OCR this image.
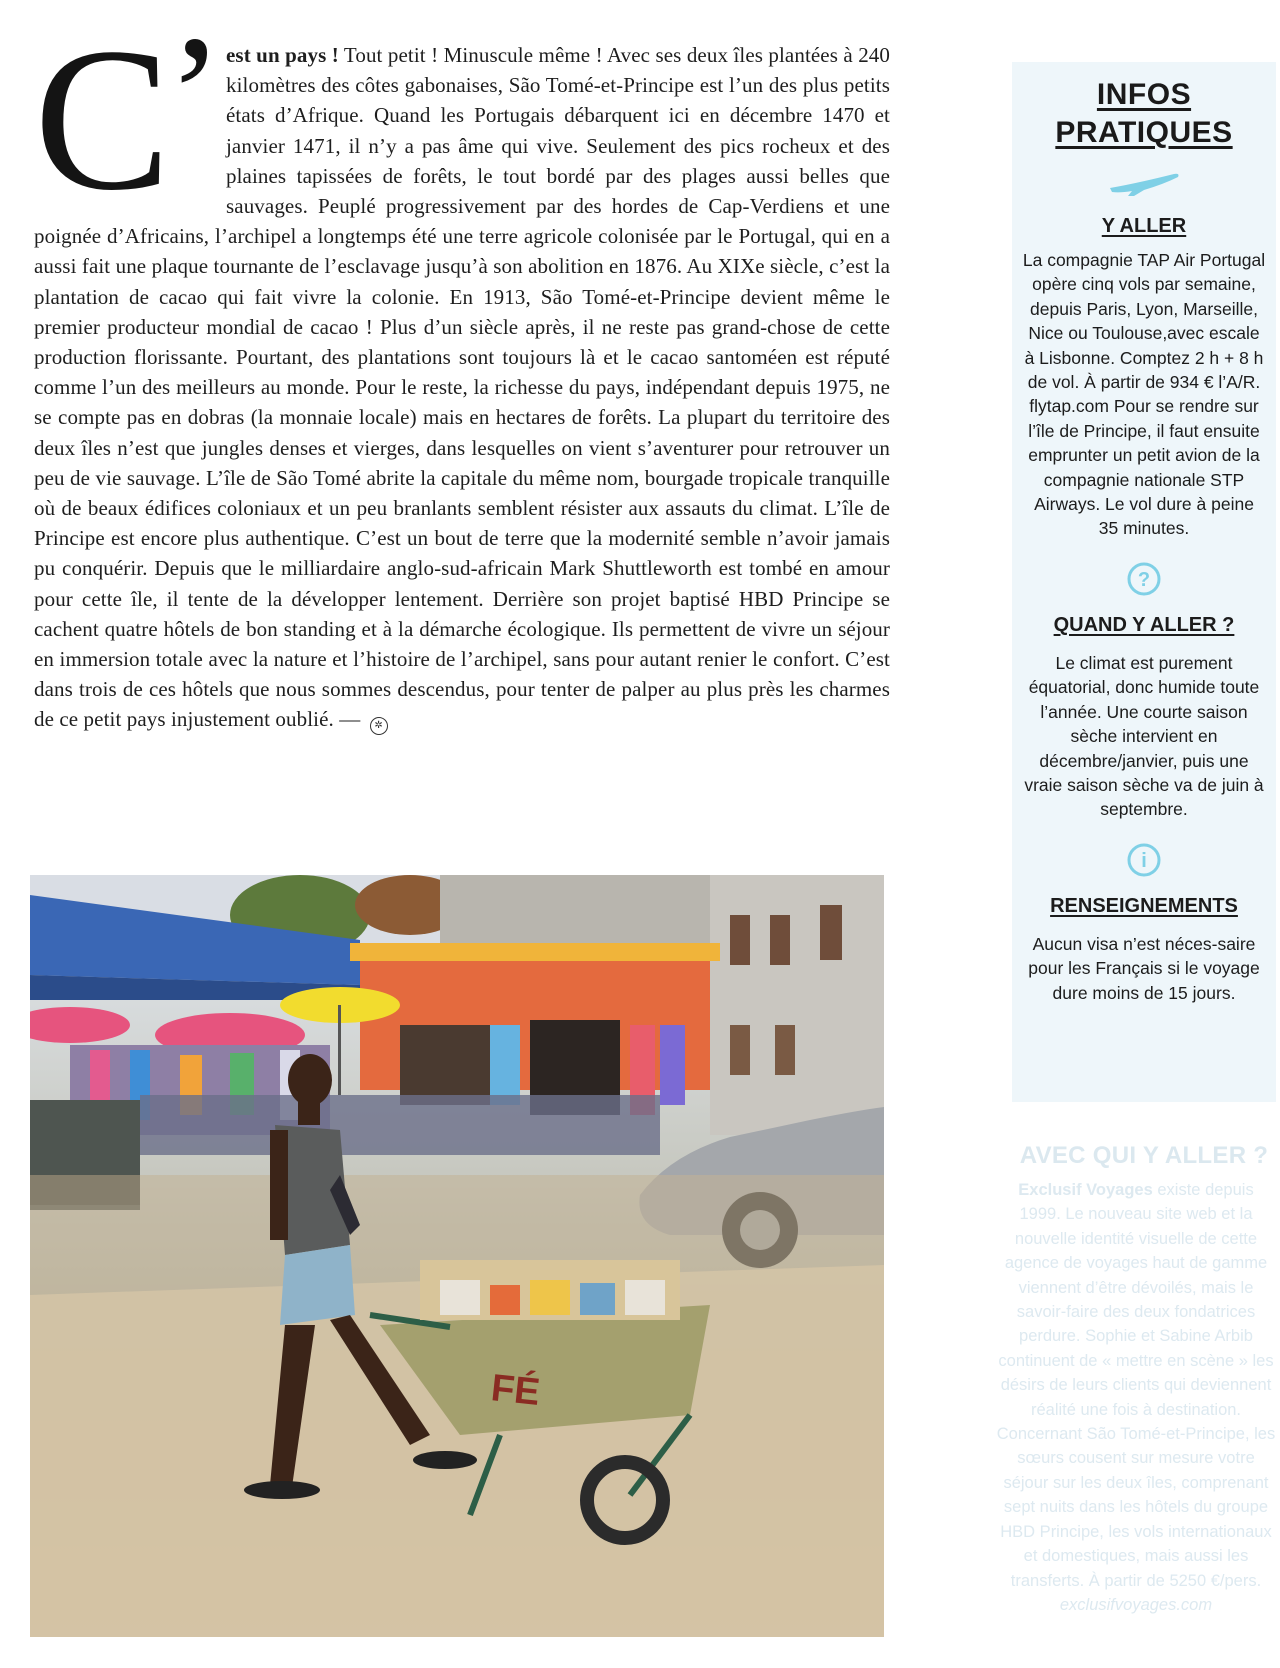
C’ est un pays ! Tout petit ! Minuscule même ! Avec ses deux îles plantées à 240 kilomètres des côtes gabonaises, São Tomé-et-Principe est l’un des plus petits états d’Afrique. Quand les Portugais débarquent ici en décembre 1470 et janvier 1471, il n’y a pas âme qui vive. Seulement des pics rocheux et des plaines tapissées de forêts, le tout bordé par des plages aussi belles que sauvages. Peuplé progressivement par des hordes de Cap-Verdiens et une poignée d’Africains, l’archipel a longtemps été une terre agricole colonisée par le Portugal, qui en a aussi fait une plaque tournante de l’esclavage jusqu’à son abolition en 1876. Au XIXe siècle, c’est la plantation de cacao qui fait vivre la colonie. En 1913, São Tomé-et-Principe devient même le premier producteur mondial de cacao ! Plus d’un siècle après, il ne reste pas grand-chose de cette production florissante. Pourtant, des plantations sont toujours là et le cacao santoméen est réputé comme l’un des meilleurs au monde. Pour le reste, la richesse du pays, indépendant depuis 1975, ne se compte pas en dobras (la monnaie locale) mais en hectares de forêts. La plupart du territoire des deux îles n’est que jungles denses et vierges, dans lesquelles on vient s’aventurer pour retrouver un peu de vie sauvage. L’île de São Tomé abrite la capitale du même nom, bourgade tropicale tranquille où de beaux édifices coloniaux et un peu branlants semblent résister aux assauts du climat. L’île de Principe est encore plus authentique. C’est un bout de terre que la modernité semble n’avoir jamais pu conquérir. Depuis que le milliardaire anglo-sud-africain Mark Shuttleworth est tombé en amour pour cette île, il tente de la développer lentement. Derrière son projet baptisé HBD Principe se cachent quatre hôtels de bon standing et à la démarche écologique. Ils permettent de vivre un séjour en immersion totale avec la nature et l’histoire de l’archipel, sans pour autant renier le confort. C’est dans trois de ces hôtels que nous sommes descendus, pour tenter de palper au plus près les charmes de ce petit pays injustement oublié. — ✲

FÉ

INFOS
PRATIQUES

Y ALLER

La compagnie TAP Air Portugal opère cinq vols par semaine, depuis Paris, Lyon, Marseille, Nice ou Toulouse,avec escale à Lisbonne. Comptez 2 h + 8 h de vol. À partir de 934 € l’A/R. flytap.com Pour se rendre sur l’île de Principe, il faut ensuite emprunter un petit avion de la compagnie nationale STP Airways. Le vol dure à peine 35 minutes.

?

QUAND Y ALLER ?

Le climat est purement équatorial, donc humide toute l’année. Une courte saison sèche intervient en décembre/janvier, puis une vraie saison sèche va de juin à septembre.

i

RENSEIGNEMENTS

Aucun visa n’est néces-saire pour les Français si le voyage dure moins de 15 jours.

AVEC QUI Y ALLER ?

Exclusif Voyages existe depuis 1999. Le nouveau site web et la nouvelle identité visuelle de cette agence de voyages haut de gamme viennent d’être dévoilés, mais le savoir-faire des deux fondatrices perdure. Sophie et Sabine Arbib continuent de « mettre en scène » les désirs de leurs clients qui deviennent réalité une fois à destination. Concernant São Tomé-et-Principe, les sœurs cousent sur mesure votre séjour sur les deux îles, comprenant sept nuits dans les hôtels du groupe HBD Principe, les vols internationaux et domestiques, mais aussi les transferts. À partir de 5250 €/pers. exclusifvoyages.com
